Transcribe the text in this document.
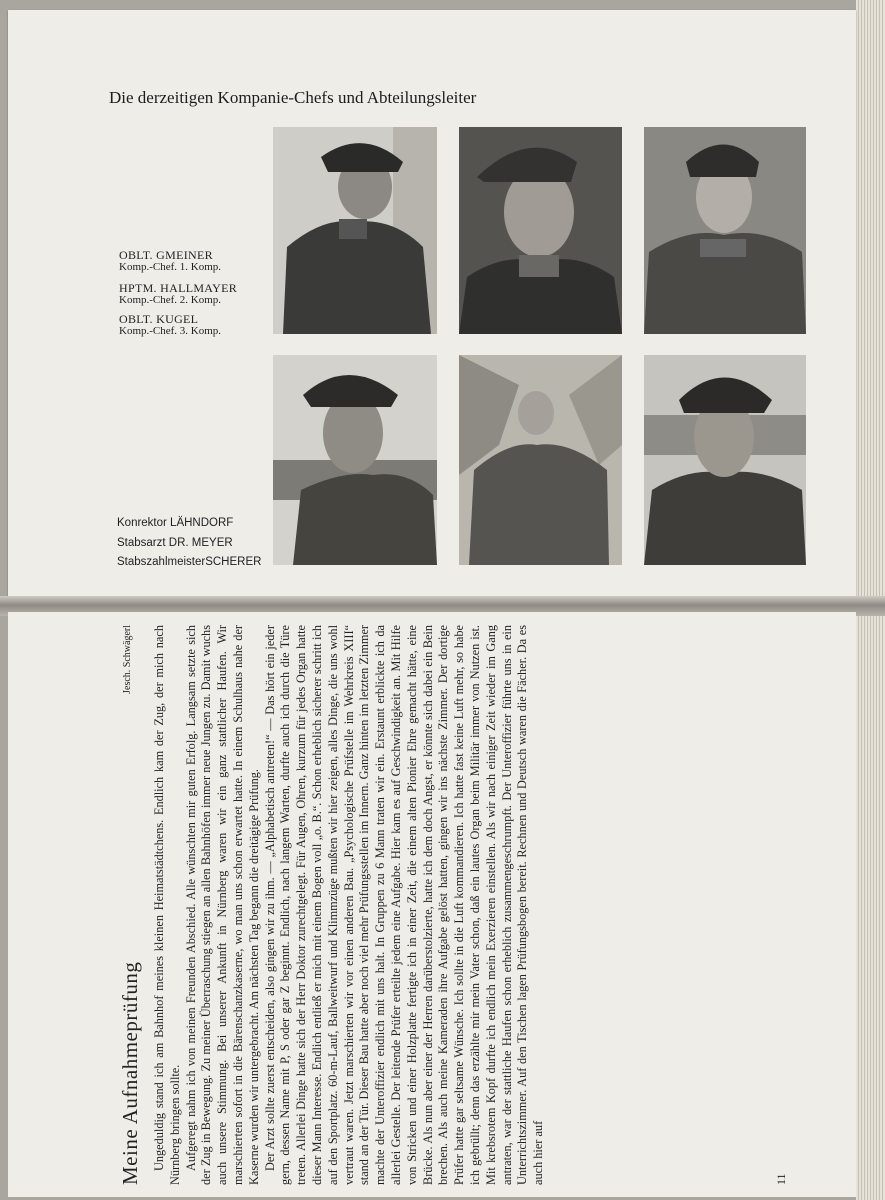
Die derzeitigen Kompanie-Chefs und Abteilungsleiter
OBLT. GMEINER
Komp.-Chef. 1. Komp.
HPTM. HALLMAYER
Komp.-Chef. 2. Komp.
OBLT. KUGEL
Komp.-Chef. 3. Komp.
Konrektor LÄHNDORF
Stabsarzt DR. MEYER
StabszahlmeisterSCHERER
Meine Aufnahmeprüfung
Jesch. Schwägerl Ungeduldig stand ich am Bahnhof meines kleinen Heimatstädtchens. Endlich kam der Zug, der mich nach Nürnberg bringen sollte. Aufgeregt nahm ich von meinen Freunden Abschied. Alle wünschten mir guten Erfolg. Langsam setzte sich der Zug in Bewegung. Zu meiner Überraschung stiegen an allen Bahnhöfen immer neue Jungen zu. Damit wuchs auch unsere Stimmung. Bei unserer Ankunft in Nürnberg waren wir ein ganz stattlicher Haufen. Wir marschierten sofort in die Bärenschanzkaserne, wo man uns schon erwartet hatte. In einem Schulhaus nahe der Kaserne wurden wir untergebracht. Am nächsten Tag begann die dreitägige Prüfung. Der Arzt sollte zuerst entscheiden, also gingen wir zu ihm. — „Alphabetisch antreten!“ — Das hört ein jeder gern, dessen Name mit P, S oder gar Z beginnt. Endlich, nach langem Warten, durfte auch ich durch die Türe treten. Allerlei Dinge hatte sich der Herr Doktor zurechtgelegt. Für Augen, Ohren, kurzum für jedes Organ hatte dieser Mann Interesse. Endlich entließ er mich mit einem Bogen voll „o. B.“. Schon erheblich sicherer schritt ich auf den Sportplatz. 60-m-Lauf, Ballweitwurf und Klimmzüge mußten wir hier zeigen, alles Dinge, die uns wohl vertraut waren. Jetzt marschierten wir vor einen anderen Bau. „Psychologische Prüfstelle im Wehrkreis XIII“ stand an der Tür. Dieser Bau hatte aber noch viel mehr Prüfungsstellen im Innern. Ganz hinten im letzten Zimmer machte der Unteroffizier endlich mit uns halt. In Gruppen zu 6 Mann traten wir ein. Erstaunt erblickte ich da allerlei Gestelle. Der leitende Prüfer erteilte jedem eine Aufgabe. Hier kam es auf Geschwindigkeit an. Mit Hilfe von Stricken und einer Holzplatte fertigte ich in einer Zeit, die einem alten Pionier Ehre gemacht hätte, eine Brücke. Als nun aber einer der Herren darüberstolzierte, hatte ich dem doch Angst, er könnte sich dabei ein Bein brechen. Als auch meine Kameraden ihre Aufgabe gelöst hatten, gingen wir ins nächste Zimmer. Der dortige Prüfer hatte gar seltsame Wünsche. Ich sollte in die Luft kommandieren. Ich hatte fast keine Luft mehr, so habe ich gebrüllt; denn das erzählte mir mein Vater schon, daß ein lautes Organ beim Militär immer von Nutzen ist. Mit krebsrotem Kopf durfte ich endlich mein Exerzieren einstellen. Als wir nach einiger Zeit wieder im Gang antraten, war der stattliche Haufen schon erheblich zusammengeschrumpft. Der Unteroffizier führte uns in ein Unterrichtszimmer. Auf den Tischen lagen Prüfungsbogen bereit. Rechnen und Deutsch waren die Fächer. Da es auch hier auf	11
